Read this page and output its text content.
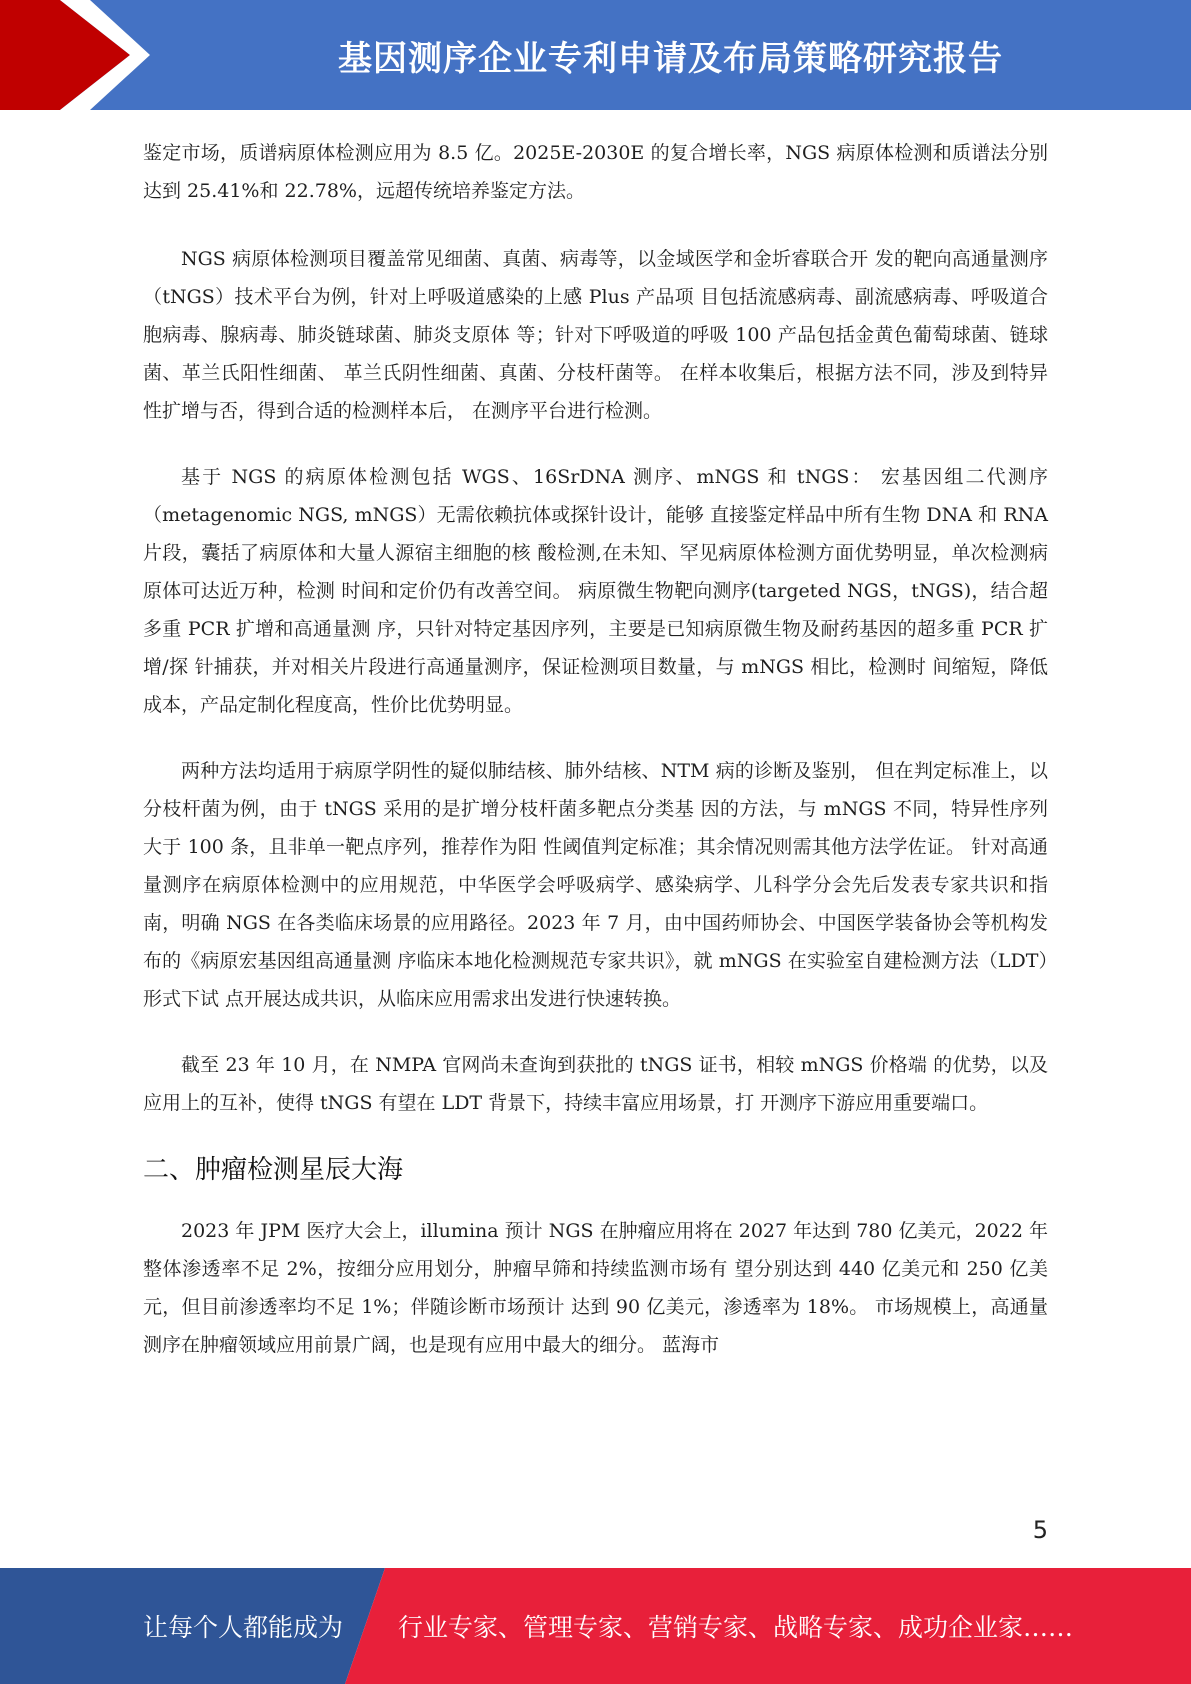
基因测序企业专利申请及布局策略研究报告

鉴定市场，质谱病原体检测应用为 8.5 亿。2025E-2030E 的复合增长率，NGS 病原体检测和质谱法分别达到 25.41%和 22.78%，远超传统培养鉴定方法。

NGS 病原体检测项目覆盖常见细菌、真菌、病毒等，以金域医学和金圻睿联合开 发的靶向高通量测序（tNGS）技术平台为例，针对上呼吸道感染的上感 Plus 产品项 目包括流感病毒、副流感病毒、呼吸道合胞病毒、腺病毒、肺炎链球菌、肺炎支原体 等；针对下呼吸道的呼吸 100 产品包括金黄色葡萄球菌、链球菌、革兰氏阳性细菌、 革兰氏阴性细菌、真菌、分枝杆菌等。 在样本收集后，根据方法不同，涉及到特异性扩增与否，得到合适的检测样本后， 在测序平台进行检测。

基于 NGS 的病原体检测包括 WGS、16SrDNA 测序、mNGS 和 tNGS： 宏基因组二代测序（metagenomic NGS, mNGS）无需依赖抗体或探针设计，能够 直接鉴定样品中所有生物 DNA 和 RNA 片段，囊括了病原体和大量人源宿主细胞的核 酸检测,在未知、罕见病原体检测方面优势明显，单次检测病原体可达近万种，检测 时间和定价仍有改善空间。 病原微生物靶向测序(targeted NGS，tNGS)，结合超多重 PCR 扩增和高通量测 序，只针对特定基因序列，主要是已知病原微生物及耐药基因的超多重 PCR 扩增/探 针捕获，并对相关片段进行高通量测序，保证检测项目数量，与 mNGS 相比，检测时 间缩短，降低成本，产品定制化程度高，性价比优势明显。

两种方法均适用于病原学阴性的疑似肺结核、肺外结核、NTM 病的诊断及鉴别， 但在判定标准上，以分枝杆菌为例，由于 tNGS 采用的是扩增分枝杆菌多靶点分类基 因的方法，与 mNGS 不同，特异性序列大于 100 条，且非单一靶点序列，推荐作为阳 性阈值判定标准；其余情况则需其他方法学佐证。 针对高通量测序在病原体检测中的应用规范，中华医学会呼吸病学、感染病学、儿科学分会先后发表专家共识和指南，明确 NGS 在各类临床场景的应用路径。2023 年 7 月，由中国药师协会、中国医学装备协会等机构发布的《病原宏基因组高通量测 序临床本地化检测规范专家共识》，就 mNGS 在实验室自建检测方法（LDT）形式下试 点开展达成共识，从临床应用需求出发进行快速转换。

截至 23 年 10 月，在 NMPA 官网尚未查询到获批的 tNGS 证书，相较 mNGS 价格端 的优势，以及应用上的互补，使得 tNGS 有望在 LDT 背景下，持续丰富应用场景，打 开测序下游应用重要端口。

二、肿瘤检测星辰大海

2023 年 JPM 医疗大会上，illumina 预计 NGS 在肿瘤应用将在 2027 年达到 780 亿美元，2022 年整体渗透率不足 2%，按细分应用划分，肿瘤早筛和持续监测市场有 望分别达到 440 亿美元和 250 亿美元，但目前渗透率均不足 1%；伴随诊断市场预计 达到 90 亿美元，渗透率为 18%。 市场规模上，高通量测序在肿瘤领域应用前景广阔，也是现有应用中最大的细分。 蓝海市

5
让每个人都能成为 行业专家、管理专家、营销专家、战略专家、成功企业家……
